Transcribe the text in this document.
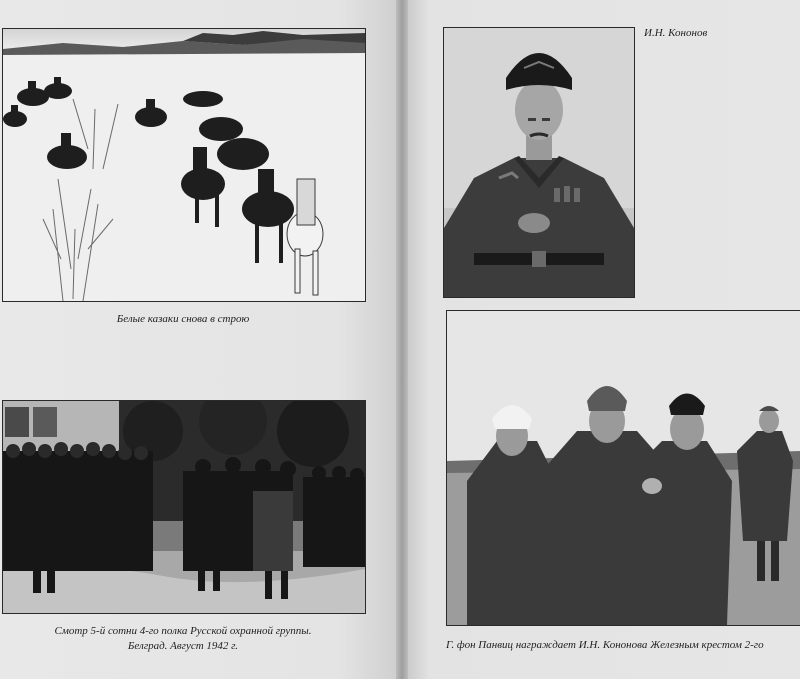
Белые казаки снова в строю
Смотр 5-й сотни 4-го полка Русской охранной группы.
Белград. Август 1942 г.
И.Н. Кононов
Г. фон Панвиц награждает И.Н. Кононова Железным крестом 2-го
